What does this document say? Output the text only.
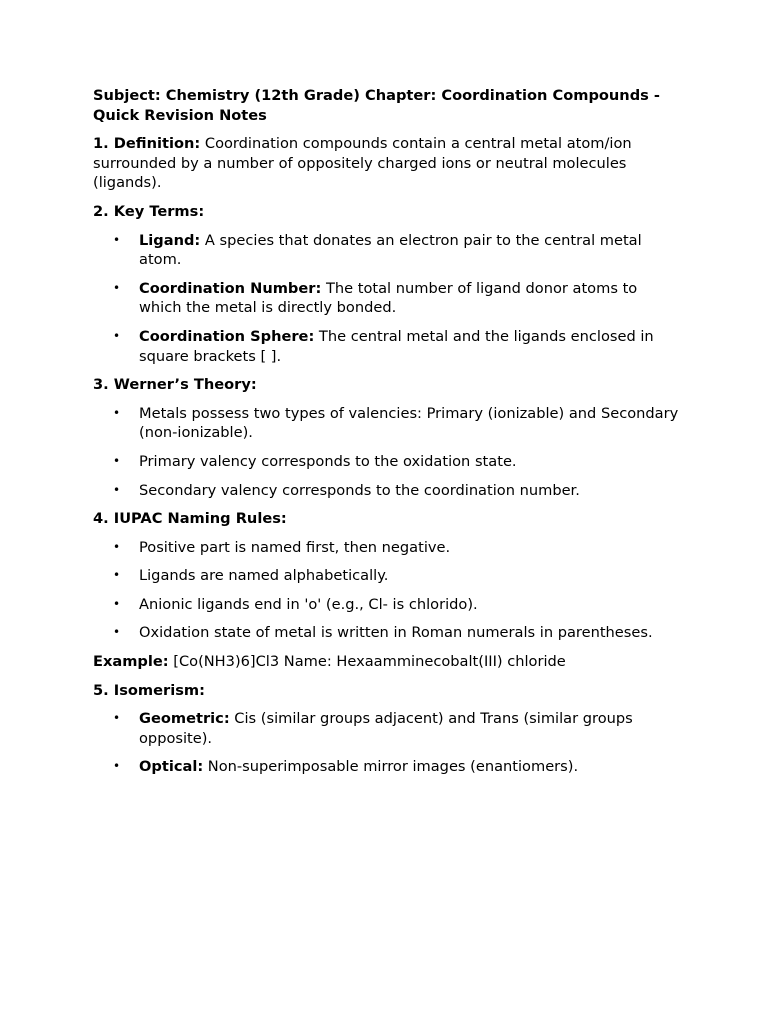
Subject: Chemistry (12th Grade) Chapter: Coordination Compounds - Quick Revision Notes

1. Definition: Coordination compounds contain a central metal atom/ion surrounded by a number of oppositely charged ions or neutral molecules (ligands).

2. Key Terms:

• Ligand: A species that donates an electron pair to the central metal atom.
• Coordination Number: The total number of ligand donor atoms to which the metal is directly bonded.
• Coordination Sphere: The central metal and the ligands enclosed in square brackets [ ].

3. Werner’s Theory:

• Metals possess two types of valencies: Primary (ionizable) and Secondary (non-ionizable).
• Primary valency corresponds to the oxidation state.
• Secondary valency corresponds to the coordination number.

4. IUPAC Naming Rules:

• Positive part is named first, then negative.
• Ligands are named alphabetically.
• Anionic ligands end in 'o' (e.g., Cl- is chlorido).
• Oxidation state of metal is written in Roman numerals in parentheses.

Example: [Co(NH3)6]Cl3 Name: Hexaamminecobalt(III) chloride

5. Isomerism:

• Geometric: Cis (similar groups adjacent) and Trans (similar groups opposite).
• Optical: Non-superimposable mirror images (enantiomers).
